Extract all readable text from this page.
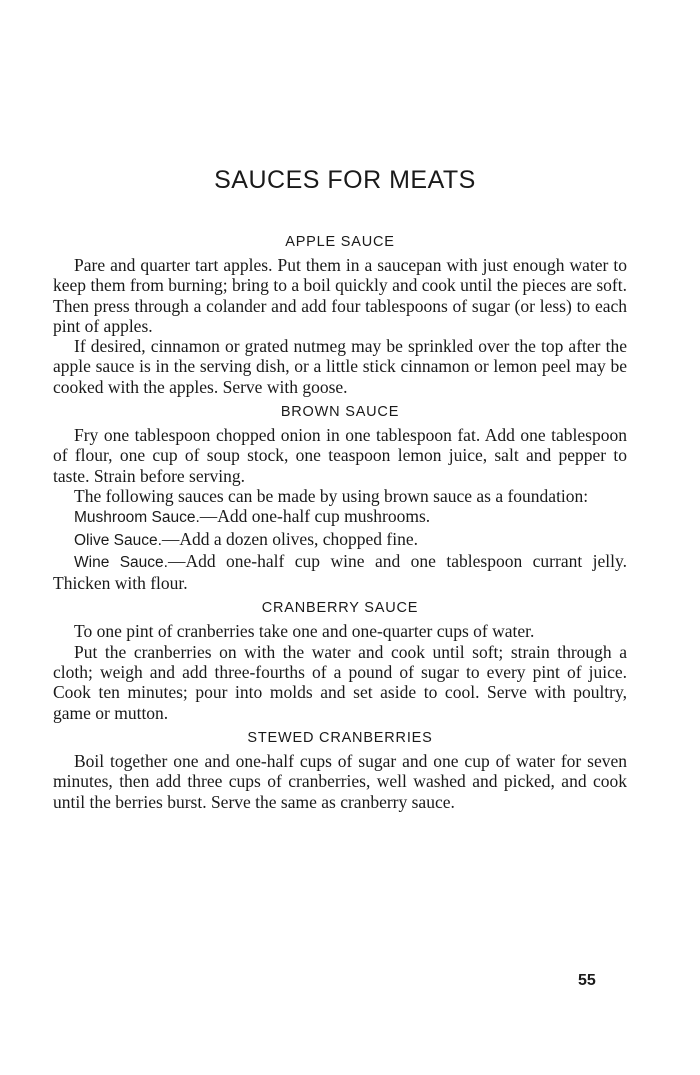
SAUCES FOR MEATS
APPLE SAUCE

Pare and quarter tart apples. Put them in a saucepan with just enough water to keep them from burning; bring to a boil quickly and cook until the pieces are soft. Then press through a colander and add four tablespoons of sugar (or less) to each pint of apples.

If desired, cinnamon or grated nutmeg may be sprinkled over the top after the apple sauce is in the serving dish, or a little stick cinnamon or lemon peel may be cooked with the apples. Serve with goose.

BROWN SAUCE

Fry one tablespoon chopped onion in one tablespoon fat. Add one tablespoon of flour, one cup of soup stock, one teaspoon lemon juice, salt and pepper to taste. Strain before serving.

The following sauces can be made by using brown sauce as a foundation:

Mushroom Sauce.—Add one-half cup mushrooms.

Olive Sauce.—Add a dozen olives, chopped fine.

Wine Sauce.—Add one-half cup wine and one tablespoon currant jelly. Thicken with flour.

CRANBERRY SAUCE

To one pint of cranberries take one and one-quarter cups of water.

Put the cranberries on with the water and cook until soft; strain through a cloth; weigh and add three-fourths of a pound of sugar to every pint of juice. Cook ten minutes; pour into molds and set aside to cool. Serve with poultry, game or mutton.

STEWED CRANBERRIES

Boil together one and one-half cups of sugar and one cup of water for seven minutes, then add three cups of cranberries, well washed and picked, and cook until the berries burst. Serve the same as cranberry sauce.

55
